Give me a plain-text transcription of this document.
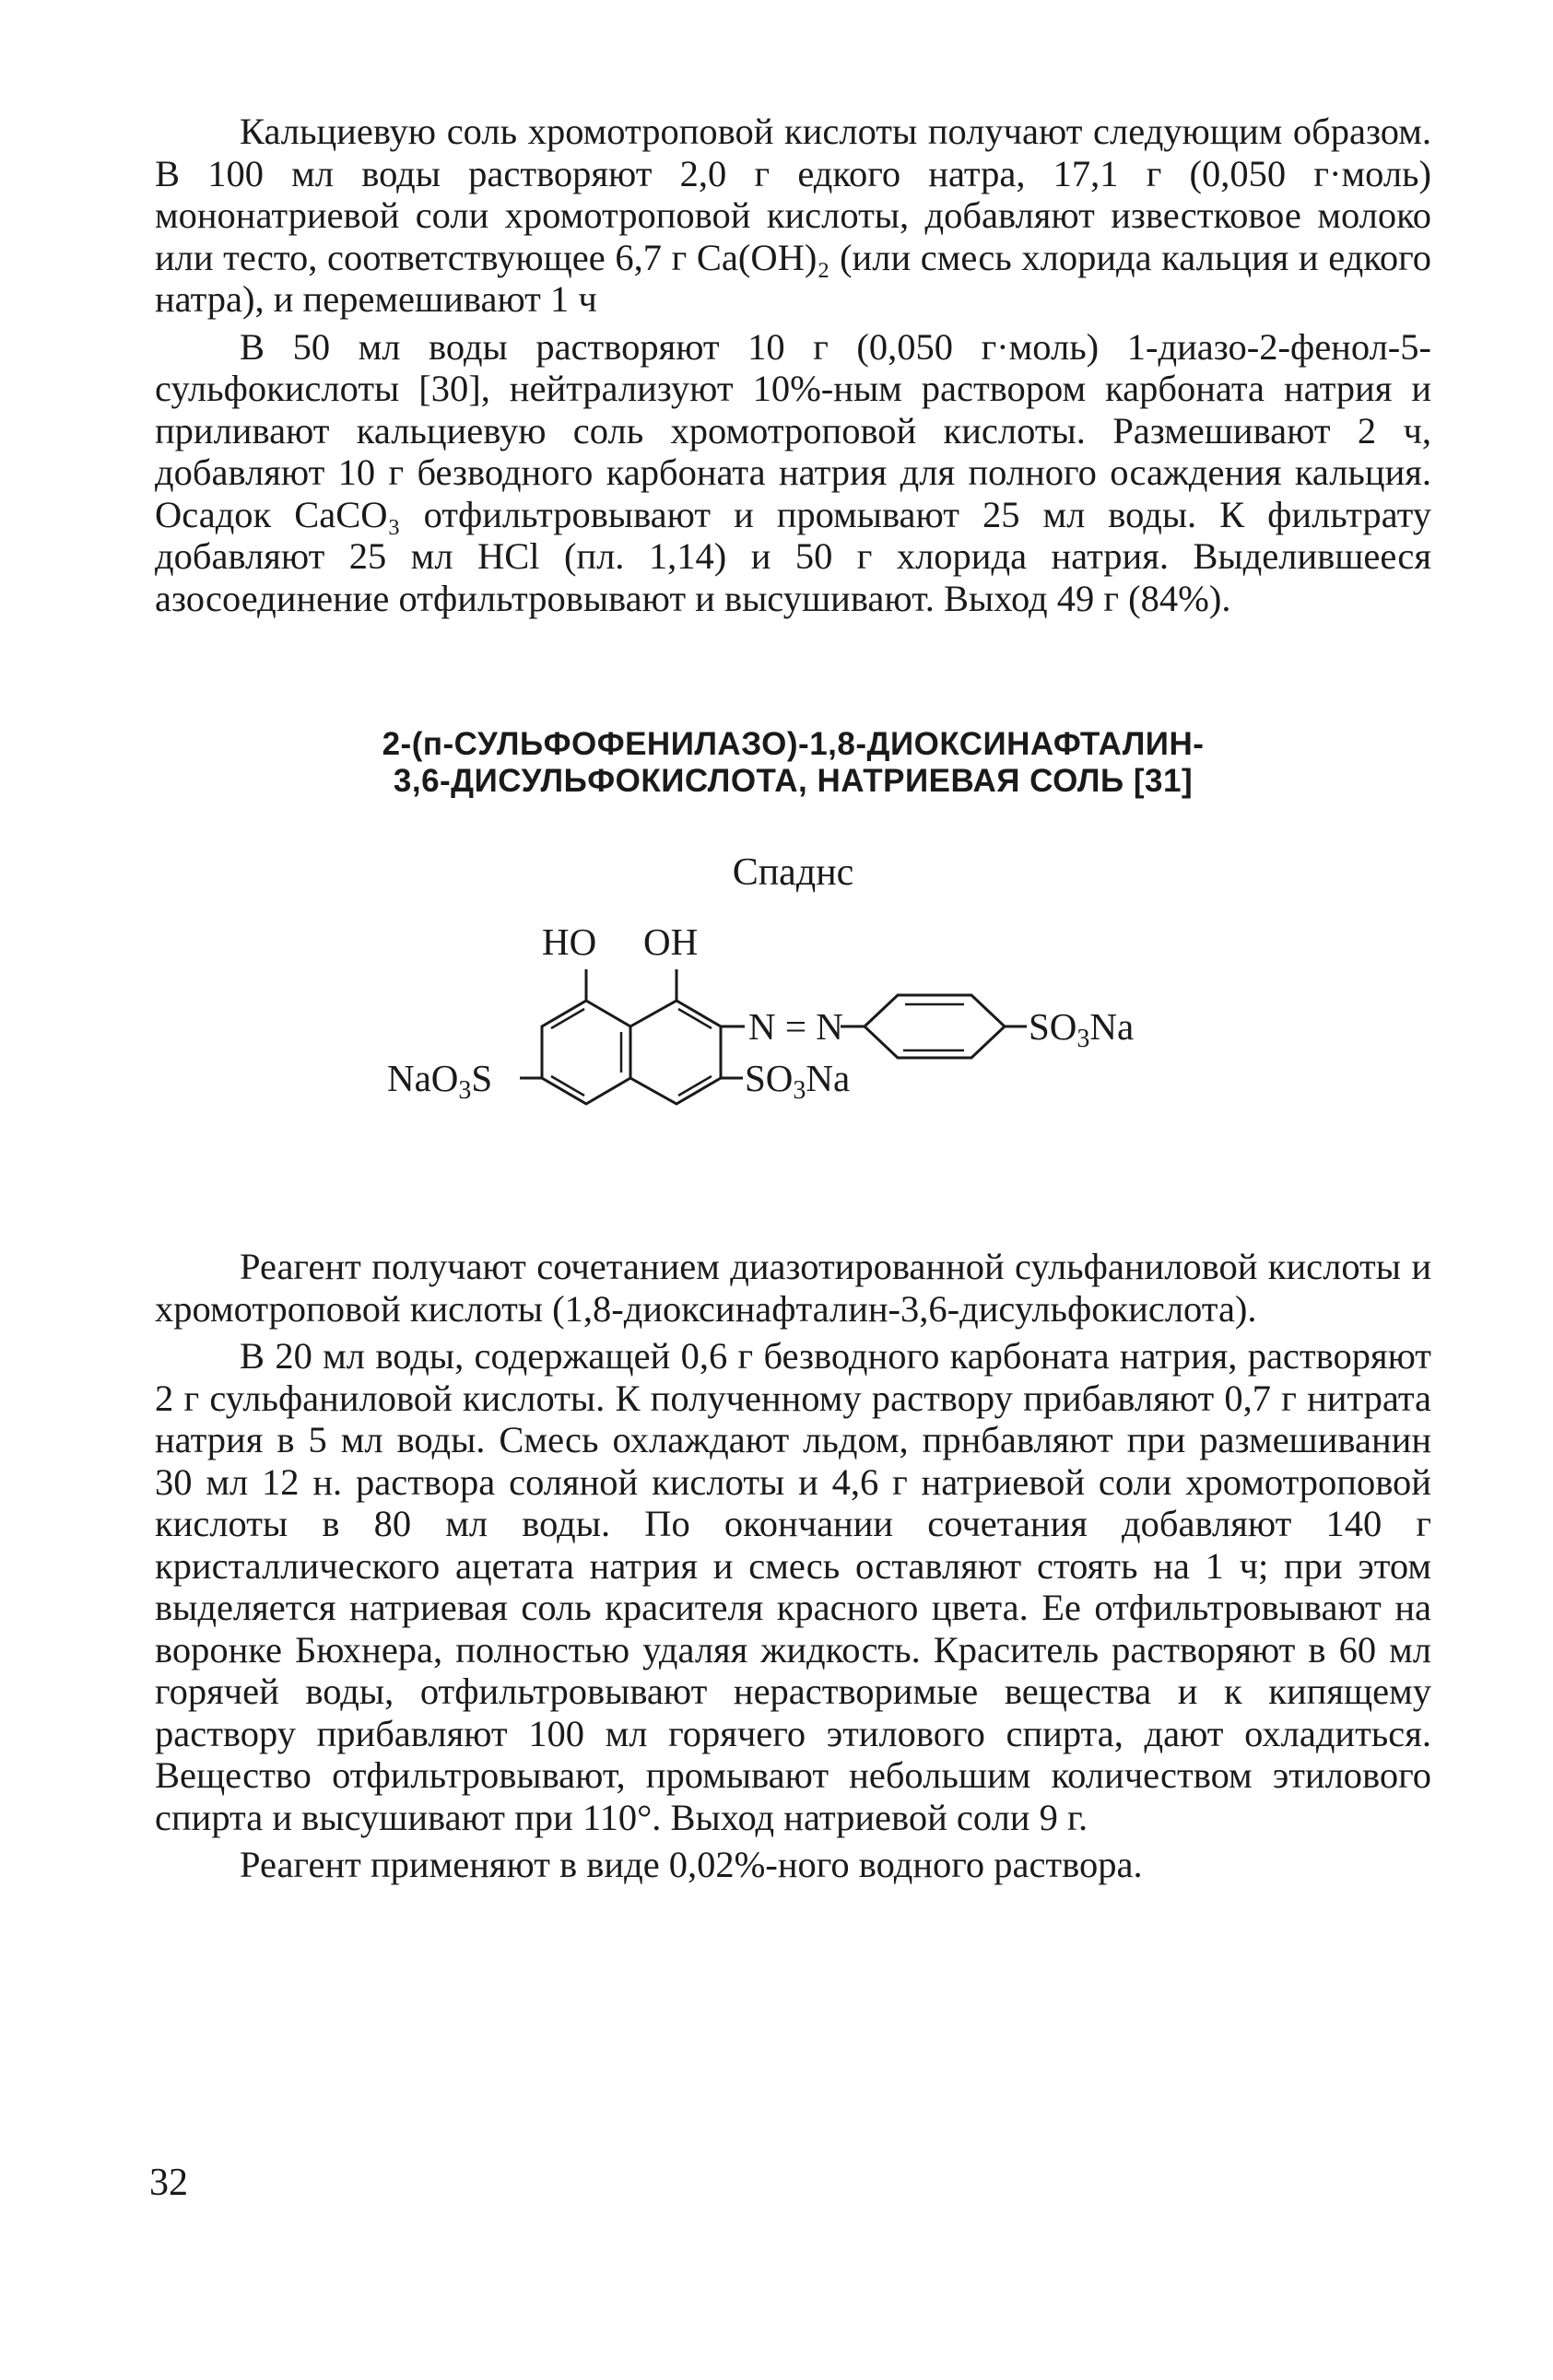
Кальциевую соль хромотроповой кислоты получают следующим образом. В 100 мл воды растворяют 2,0 г едкого натра, 17,1 г (0,050 г·моль) мононатриевой соли хромотроповой кислоты, добавляют известковое молоко или тесто, соответствующее 6,7 г Са(ОН)₂ (или смесь хлорида кальция и едкого натра), и перемешивают 1 ч

В 50 мл воды растворяют 10 г (0,050 г·моль) 1-диазо-2-фенол-5-сульфокислоты [30], нейтрализуют 10%-ным раствором карбоната натрия и приливают кальциевую соль хромотроповой кислоты. Размешивают 2 ч, добавляют 10 г безводного карбоната натрия для полного осаждения кальция. Осадок CaCO₃ отфильтровывают и промывают 25 мл воды. К фильтрату добавляют 25 мл HCl (пл. 1,14) и 50 г хлорида натрия. Выделившееся азосоединение отфильтровывают и высушивают. Выход 49 г (84%).

2-(п-СУЛЬФОФЕНИЛАЗО)-1,8-ДИОКСИНАФТАЛИН-
3,6-ДИСУЛЬФОКИСЛОТА, НАТРИЕВАЯ СОЛЬ [31]
Спаднс
HO OH
N = N	SO3Na
SO3Na
NaO3S

Реагент получают сочетанием диазотированной сульфаниловой кислоты и хромотроповой кислоты (1,8-диоксинафталин-3,6-дисульфокислота).

В 20 мл воды, содержащей 0,6 г безводного карбоната натрия, растворяют 2 г сульфаниловой кислоты. К полученному раствору прибавляют 0,7 г нитрата натрия в 5 мл воды. Смесь охлаждают льдом, прнбавляют при размешиванин 30 мл 12 н. раствора соляной кислоты и 4,6 г натриевой соли хромотроповой кислоты в 80 мл воды. По окончании сочетания добавляют 140 г кристаллического ацетата натрия и смесь оставляют стоять на 1 ч; при этом выделяется натриевая соль красителя красного цвета. Ее отфильтровывают на воронке Бюхнера, полностью удаляя жидкость. Краситель растворяют в 60 мл горячей воды, отфильтровывают нерастворимые вещества и к кипящему раствору прибавляют 100 мл горячего этилового спирта, дают охладиться. Вещество отфильтровывают, промывают небольшим количеством этилового спирта и высушивают при 110°. Выход натриевой соли 9 г.

Реагент применяют в виде 0,02%-ного водного раствора.

32
